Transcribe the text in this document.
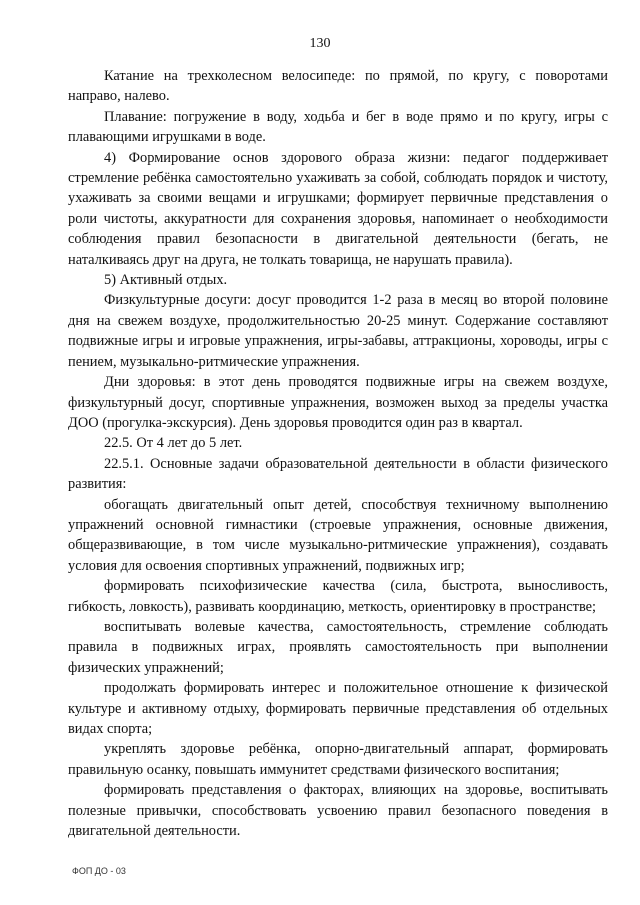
130

Катание на трехколесном велосипеде: по прямой, по кругу, с поворотами направо, налево.

Плавание: погружение в воду, ходьба и бег в воде прямо и по кругу, игры с плавающими игрушками в воде.

4) Формирование основ здорового образа жизни: педагог поддерживает стремление ребёнка самостоятельно ухаживать за собой, соблюдать порядок и чистоту, ухаживать за своими вещами и игрушками; формирует первичные представления о роли чистоты, аккуратности для сохранения здоровья, напоминает о необходимости соблюдения правил безопасности в двигательной деятельности (бегать, не наталкиваясь друг на друга, не толкать товарища, не нарушать правила).

5) Активный отдых.

Физкультурные досуги: досуг проводится 1-2 раза в месяц во второй половине дня на свежем воздухе, продолжительностью 20-25 минут. Содержание составляют подвижные игры и игровые упражнения, игры-забавы, аттракционы, хороводы, игры с пением, музыкально-ритмические упражнения.

Дни здоровья: в этот день проводятся подвижные игры на свежем воздухе, физкультурный досуг, спортивные упражнения, возможен выход за пределы участка ДОО (прогулка-экскурсия). День здоровья проводится один раз в квартал.

22.5. От 4 лет до 5 лет.

22.5.1. Основные задачи образовательной деятельности в области физического развития:

обогащать двигательный опыт детей, способствуя техничному выполнению упражнений основной гимнастики (строевые упражнения, основные движения, общеразвивающие, в том числе музыкально-ритмические упражнения), создавать условия для освоения спортивных упражнений, подвижных игр;

формировать психофизические качества (сила, быстрота, выносливость, гибкость, ловкость), развивать координацию, меткость, ориентировку в пространстве;

воспитывать волевые качества, самостоятельность, стремление соблюдать правила в подвижных играх, проявлять самостоятельность при выполнении физических упражнений;

продолжать формировать интерес и положительное отношение к физической культуре и активному отдыху, формировать первичные представления об отдельных видах спорта;

укреплять здоровье ребёнка, опорно-двигательный аппарат, формировать правильную осанку, повышать иммунитет средствами физического воспитания;

формировать представления о факторах, влияющих на здоровье, воспитывать полезные привычки, способствовать усвоению правил безопасного поведения в двигательной деятельности.

ФОП ДО - 03
